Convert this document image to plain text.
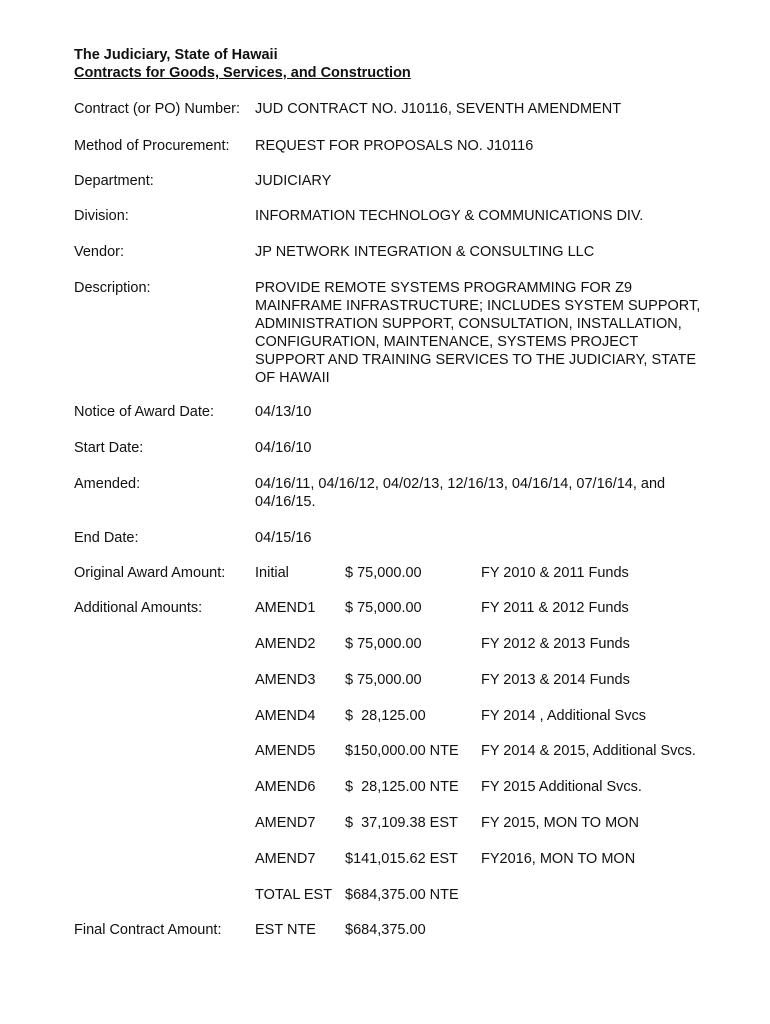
The Judiciary, State of Hawaii
Contracts for Goods, Services, and Construction
Contract (or PO) Number: JUD CONTRACT NO. J10116, SEVENTH AMENDMENT
Method of Procurement: REQUEST FOR PROPOSALS NO. J10116
Department:	JUDICIARY
Division:	INFORMATION TECHNOLOGY & COMMUNICATIONS DIV.
Vendor:	JP NETWORK INTEGRATION & CONSULTING LLC
Description:	PROVIDE REMOTE SYSTEMS PROGRAMMING FOR Z9 MAINFRAME INFRASTRUCTURE; INCLUDES SYSTEM SUPPORT, ADMINISTRATION SUPPORT, CONSULTATION, INSTALLATION, CONFIGURATION, MAINTENANCE, SYSTEMS PROJECT SUPPORT AND TRAINING SERVICES TO THE JUDICIARY, STATE OF HAWAII
Notice of Award Date:	04/13/10
Start Date:	04/16/10
Amended:	04/16/11, 04/16/12, 04/02/13, 12/16/13, 04/16/14, 07/16/14, and 04/16/15.
End Date:	04/15/16
Original Award Amount: Initial	$ 75,000.00	FY 2010 & 2011 Funds
Additional Amounts:	AMEND1 $ 75,000.00	FY 2011 & 2012 Funds
AMEND2 $ 75,000.00	FY 2012 & 2013 Funds
AMEND3 $ 75,000.00	FY 2013 & 2014 Funds
AMEND4 $  28,125.00	FY 2014 , Additional Svcs
AMEND5 $150,000.00 NTE FY 2014 & 2015, Additional Svcs.
AMEND6 $  28,125.00 NTE FY 2015 Additional Svcs.
AMEND7 $  37,109.38 EST FY 2015, MON TO MON
AMEND7 $141,015.62 EST FY2016, MON TO MON
TOTAL EST $684,375.00 NTE
Final Contract Amount: EST NTE $684,375.00
